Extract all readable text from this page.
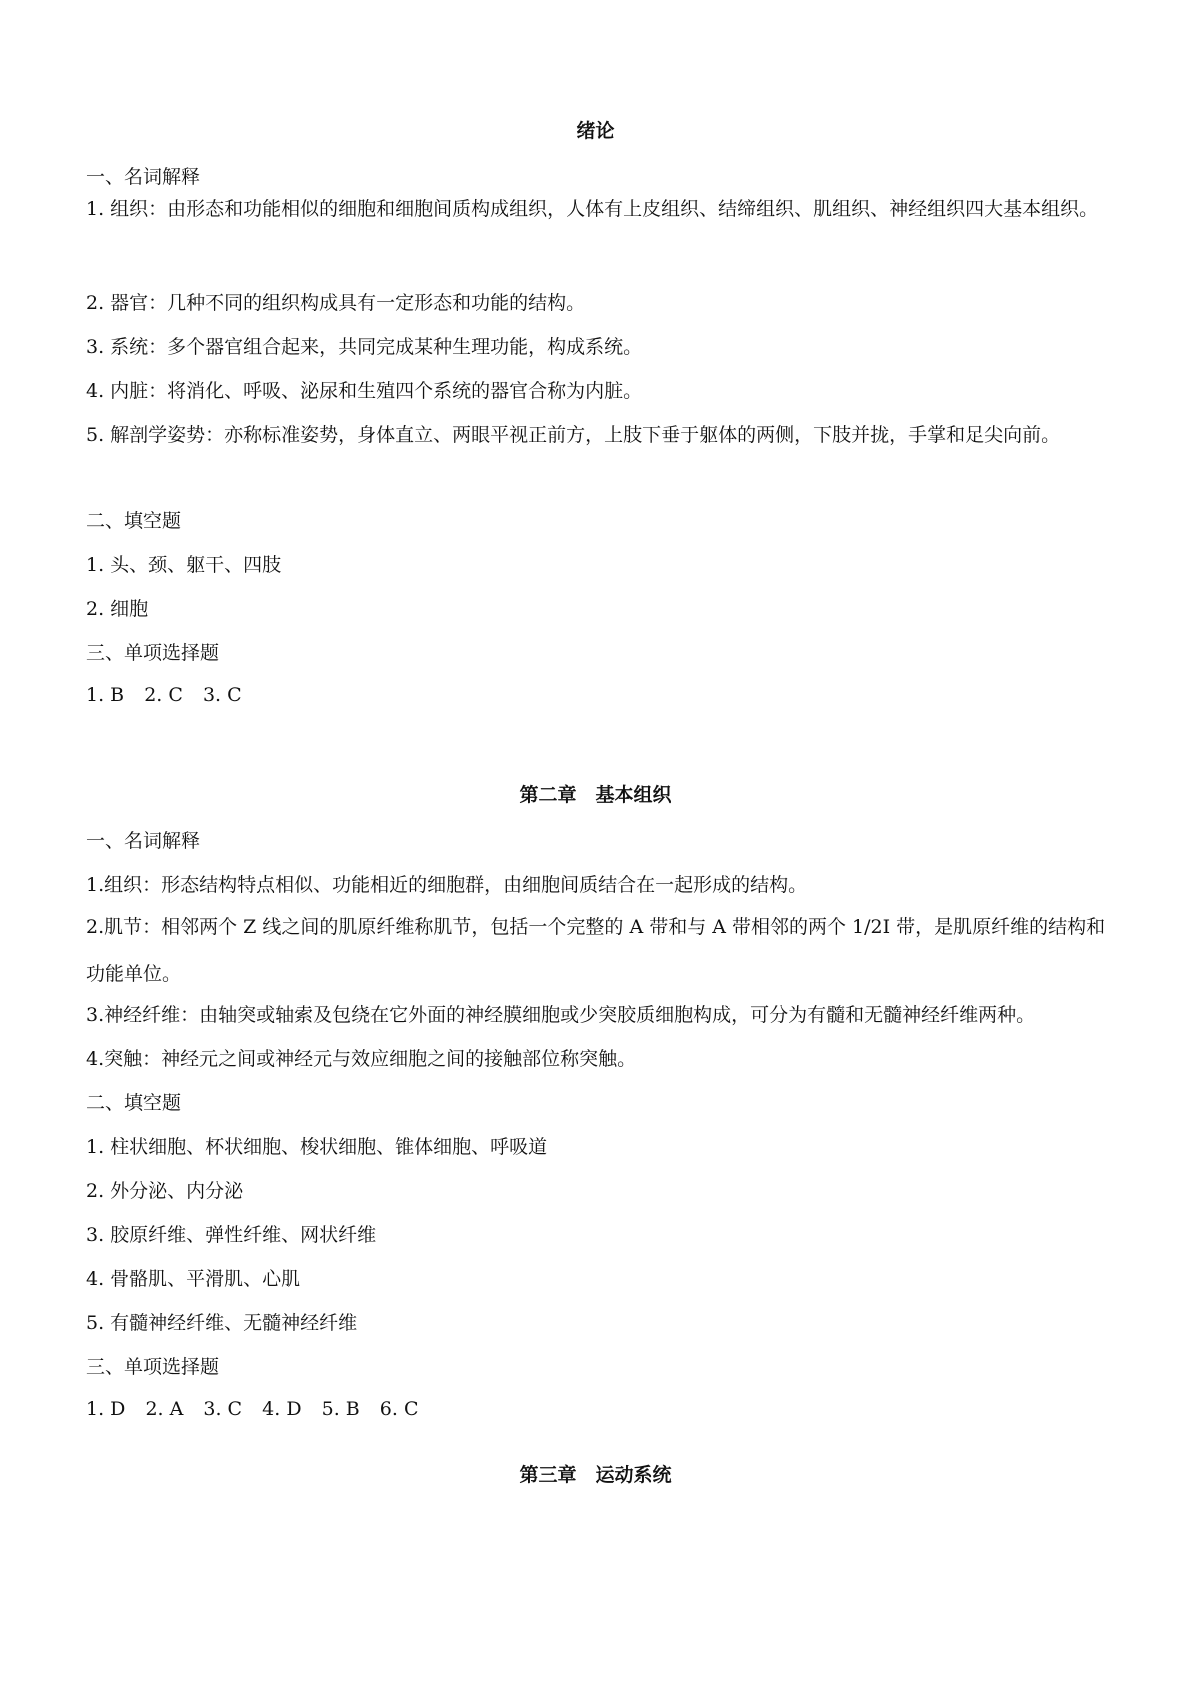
绪论
一、名词解释
1. 组织：由形态和功能相似的细胞和细胞间质构成组织，人体有上皮组织、结缔组织、肌组织、神经组织四大基本组织。
2. 器官：几种不同的组织构成具有一定形态和功能的结构。
3. 系统：多个器官组合起来，共同完成某种生理功能，构成系统。
4. 内脏：将消化、呼吸、泌尿和生殖四个系统的器官合称为内脏。
5. 解剖学姿势：亦称标准姿势，身体直立、两眼平视正前方，上肢下垂于躯体的两侧，下肢并拢，手掌和足尖向前。
二、填空题
1. 头、颈、躯干、四肢
2. 细胞
三、单项选择题
1. B 2. C 3. C
第二章　基本组织
一、名词解释
1.组织：形态结构特点相似、功能相近的细胞群，由细胞间质结合在一起形成的结构。
2.肌节：相邻两个 Z 线之间的肌原纤维称肌节，包括一个完整的 A 带和与 A 带相邻的两个 1/2I 带，是肌原纤维的结构和功能单位。
3.神经纤维：由轴突或轴索及包绕在它外面的神经膜细胞或少突胶质细胞构成，可分为有髓和无髓神经纤维两种。
4.突触：神经元之间或神经元与效应细胞之间的接触部位称突触。
二、填空题
1. 柱状细胞、杯状细胞、梭状细胞、锥体细胞、呼吸道
2. 外分泌、内分泌
3. 胶原纤维、弹性纤维、网状纤维
4. 骨骼肌、平滑肌、心肌
5. 有髓神经纤维、无髓神经纤维
三、单项选择题
1. D 2. A 3. C 4. D 5. B 6. C
第三章　运动系统
